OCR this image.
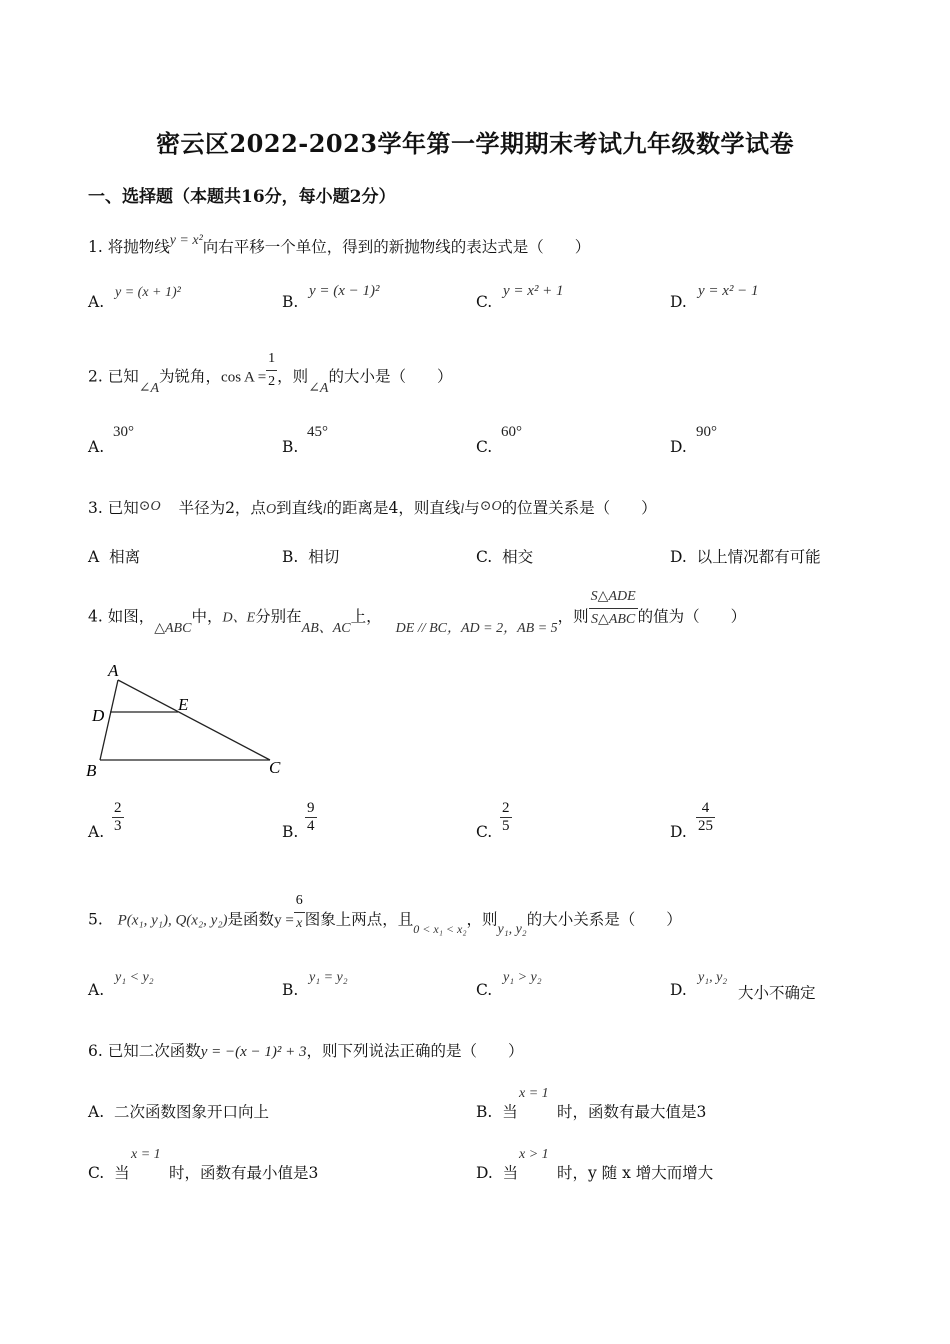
密云区2022-2023学年第一学期期末考试九年级数学试卷
一、选择题（本题共16分，每小题2分）
1. 将抛物线y = x²向右平移一个单位，得到的新抛物线的表达式是（　　）
A.
y = (x + 1)²
B.
y = (x − 1)²
C.
y = x² + 1
D.
y = x² − 1
2. 已知∠A为锐角，$\cos A = \frac{1}{2}$ ，则∠A的大小是（　　）
A.
30°
B.
45°
C.
60°
D.
90°
3. 已知⊙O 半径为2，点O到直线l的距离是4，则直线l与⊙O的位置关系是（　　）
A 相离	B. 相切	C. 相交	D. 以上情况都有可能
4. 如图，△ABC中，D、E分别在AB、AC上，DE // BC，AD = 2，AB = 5，则 $\frac{\text{S△ADE}}{\text{S△ABC}}$ 的值为（　　）
A
D
E
B	C
A. $\frac{2}{3}$	B. $\frac{9}{4}$	C. $\frac{2}{5}$	D. $\frac{4}{25}$
5. P(x₁, y₁), Q(x₂, y₂)是函数$y = \frac{6}{x}$ 图象上两点，且$_{0 < x_1 < x_2}$，则y₁, y₂的大小关系是（　　）
A.
y₁ < y₂
B.
y₁ = y₂
C.
y₁ > y₂
D.
y₁, y₂
大小不确定
6. 已知二次函数y = −(x − 1)² + 3，则下列说法正确的是（　　）
A. 二次函数图象开口向上	B. 当
x = 1
时，函数有最大值是3
C. 当
x = 1
时，函数有最小值是3	D. 当
x > 1
时，y 随 x 增大而增大
